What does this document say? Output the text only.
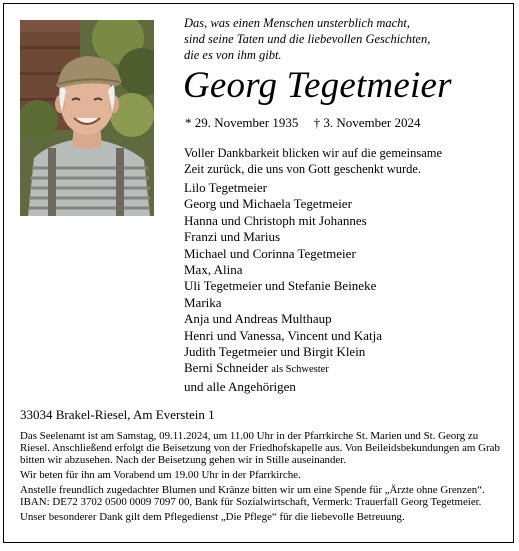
Das, was einen Menschen unsterblich macht,
sind seine Taten und die liebevollen Geschichten,
die es von ihm gibt.
Georg Tegetmeier
* 29. November 1935 † 3. November 2024
Voller Dankbarkeit blicken wir auf die gemeinsame
Zeit zurück, die uns von Gott geschenkt wurde.
Lilo Tegetmeier
Georg und Michaela Tegetmeier
Hanna und Christoph mit Johannes
Franzi und Marius
Michael und Corinna Tegetmeier
Max, Alina
Uli Tegetmeier und Stefanie Beineke
Marika
Anja und Andreas Multhaup
Henri und Vanessa, Vincent und Katja
Judith Tegetmeier und Birgit Klein
Berni Schneider als Schwester
und alle Angehörigen
33034 Brakel-Riesel, Am Everstein 1

Das Seelenamt ist am Samstag, 09.11.2024, um 11.00 Uhr in der Pfarrkirche St. Marien und St. Georg zu Riesel. Anschließend erfolgt die Beisetzung von der Friedhofskapelle aus. Von Beileidsbekundungen am Grab bitten wir abzusehen. Nach der Beisetzung gehen wir in Stille auseinander.

Wir beten für ihn am Vorabend um 19.00 Uhr in der Pfarrkirche.

Anstelle freundlich zugedachter Blumen und Kränze bitten wir um eine Spende für „Ärzte ohne Grenzen“. IBAN: DE72 3702 0500 0009 7097 00, Bank für Sozialwirtschaft, Vermerk: Trauerfall Georg Tegetmeier.

Unser besonderer Dank gilt dem Pflegedienst „Die Pflege“ für die liebevolle Betreuung.
